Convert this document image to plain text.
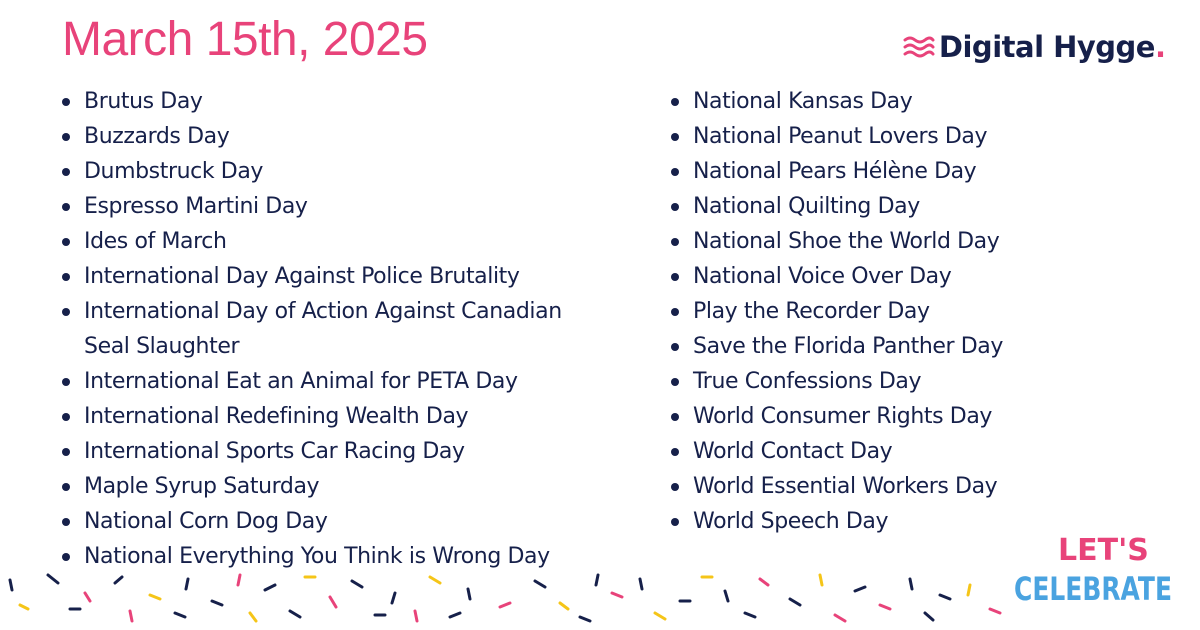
March 15th, 2025	Digital Hygge .
Brutus Day
Buzzards Day
Dumbstruck Day
Espresso Martini Day
Ides of March
International Day Against Police Brutality
International Day of Action Against Canadian Seal Slaughter
International Eat an Animal for PETA Day
International Redefining Wealth Day
International Sports Car Racing Day
Maple Syrup Saturday
National Corn Dog Day
National Everything You Think is Wrong Day
National Kansas Day
National Peanut Lovers Day
National Pears Hélène Day
National Quilting Day
National Shoe the World Day
National Voice Over Day
Play the Recorder Day
Save the Florida Panther Day
True Confessions Day
World Consumer Rights Day
World Contact Day
World Essential Workers Day
World Speech Day
LET'S
CELEBRATE
